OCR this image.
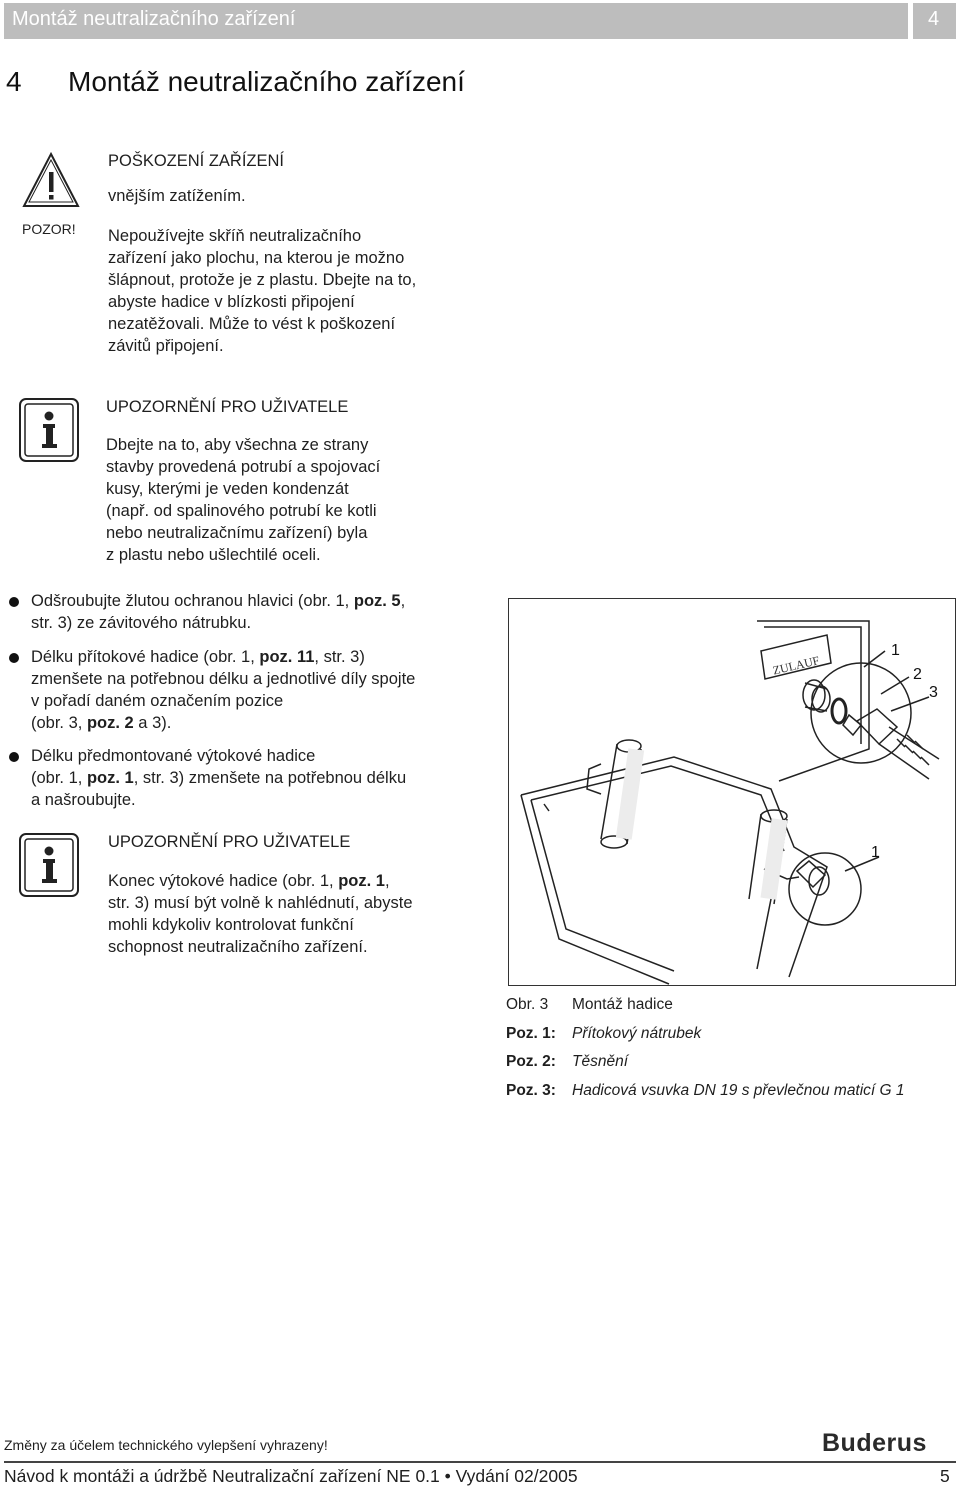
Montáž neutralizačního zařízení	4
4 Montáž neutralizačního zařízení
POZOR!
POŠKOZENÍ ZAŘÍZENÍ
vnějším zatížením.
Nepoužívejte skříň neutralizačního
zařízení jako plochu, na kterou je možno
šlápnout, protože je z plastu. Dbejte na to,
abyste hadice v blízkosti připojení
nezatěžovali. Může to vést k poškození
závitů připojení.
UPOZORNĚNÍ PRO UŽIVATELE
Dbejte na to, aby všechna ze strany
stavby provedená potrubí a spojovací
kusy, kterými je veden kondenzát
(např. od spalinového potrubí ke kotli
nebo neutralizačnímu zařízení) byla
z plastu nebo ušlechtilé oceli.
Odšroubujte žlutou ochranou hlavici (obr. 1, poz. 5,
str. 3) ze závitového nátrubku.
Délku přítokové hadice (obr. 1, poz. 11, str. 3)
zmenšete na potřebnou délku a jednotlivé díly spojte
v pořadí daném označením pozice
(obr. 3, poz. 2 a 3).
Délku předmontované výtokové hadice
(obr. 1, poz. 1, str. 3) zmenšete na potřebnou délku
a našroubujte.
UPOZORNĚNÍ PRO UŽIVATELE
Konec výtokové hadice (obr. 1, poz. 1,
str. 3) musí být volně k nahlédnutí, abyste
mohli kdykoliv kontrolovat funkční
schopnost neutralizačního zařízení.
ZULAUF
1
2
3
1
Obr. 3 Montáž hadice
Poz. 1: Přítokový nátrubek
Poz. 2: Těsnění
Poz. 3: Hadicová vsuvka DN 19 s převlečnou maticí G 1
Změny za účelem technického vylepšení vyhrazeny!	Buderus
Návod k montáži a údržbě Neutralizační zařízení NE 0.1 • Vydání 02/2005	5
